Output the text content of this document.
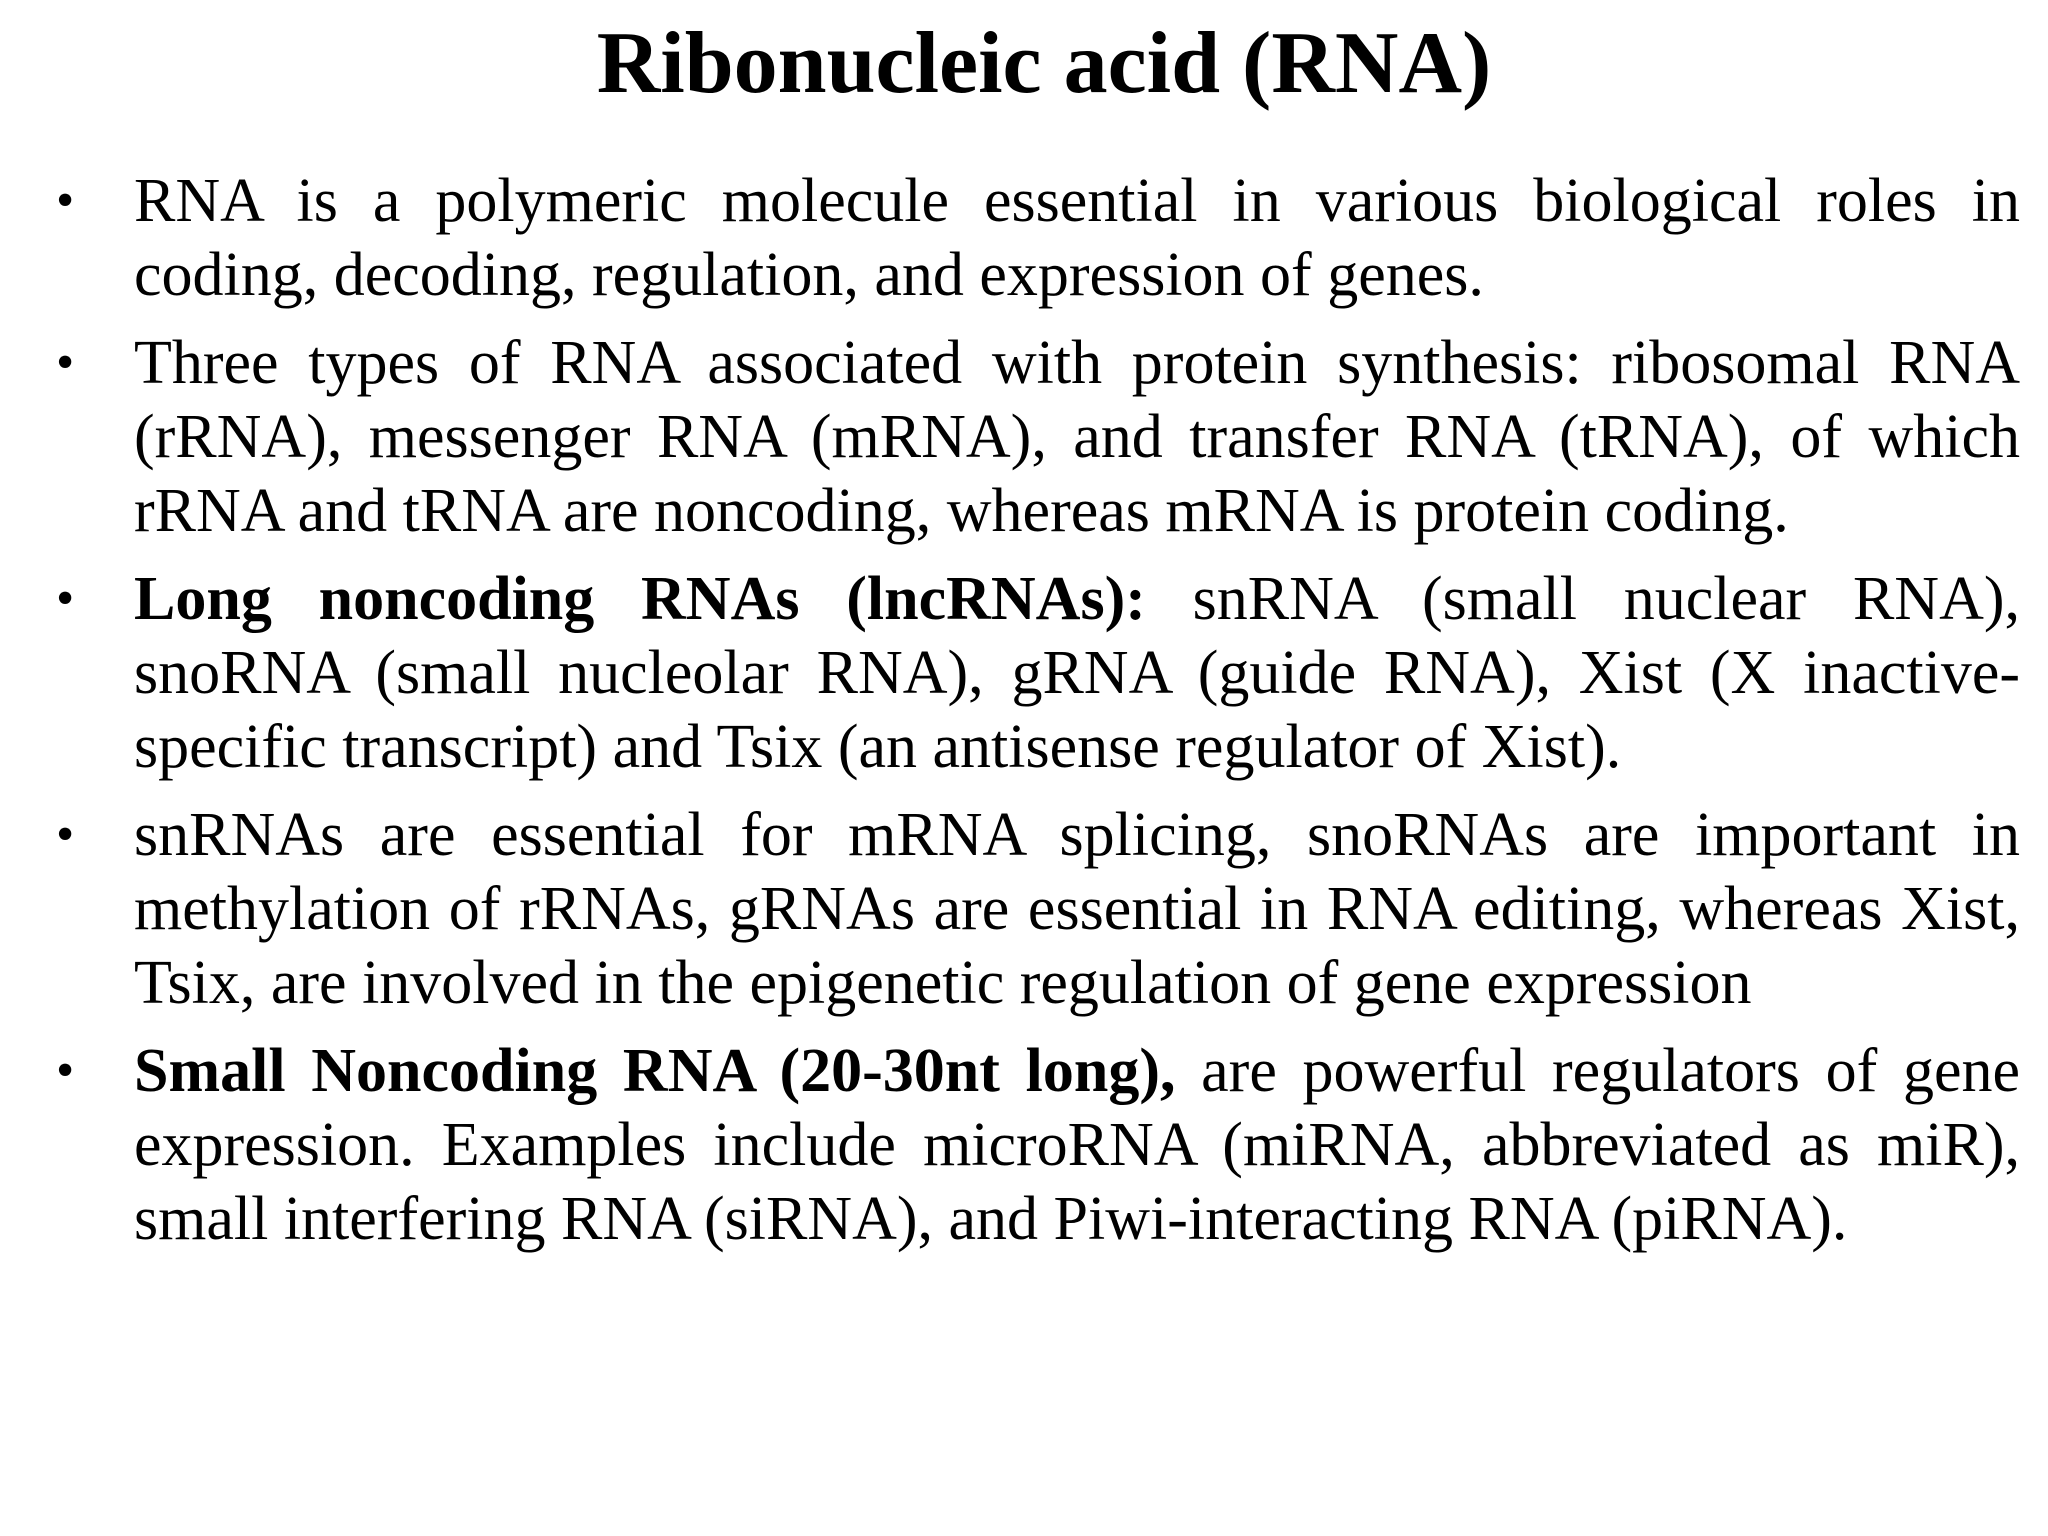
Ribonucleic acid (RNA)
• RNA is a polymeric molecule essential in various biological roles in coding, decoding, regulation, and expression of genes.
• Three types of RNA associated with protein synthesis: ribosomal RNA (rRNA), messenger RNA (mRNA), and transfer RNA (tRNA), of which rRNA and tRNA are noncoding, whereas mRNA is protein coding.
• Long noncoding RNAs (lncRNAs): snRNA (small nuclear RNA), snoRNA (small nucleolar RNA), gRNA (guide RNA), Xist (X inactive-specific transcript) and Tsix (an antisense regulator of Xist).
• snRNAs are essential for mRNA splicing, snoRNAs are important in methylation of rRNAs, gRNAs are essential in RNA editing, whereas Xist, Tsix, are involved in the epigenetic regulation of gene expression
• Small Noncoding RNA (20-30nt long), are powerful regulators of gene expression. Examples include microRNA (miRNA, abbreviated as miR), small interfering RNA (siRNA), and Piwi-interacting RNA (piRNA).
